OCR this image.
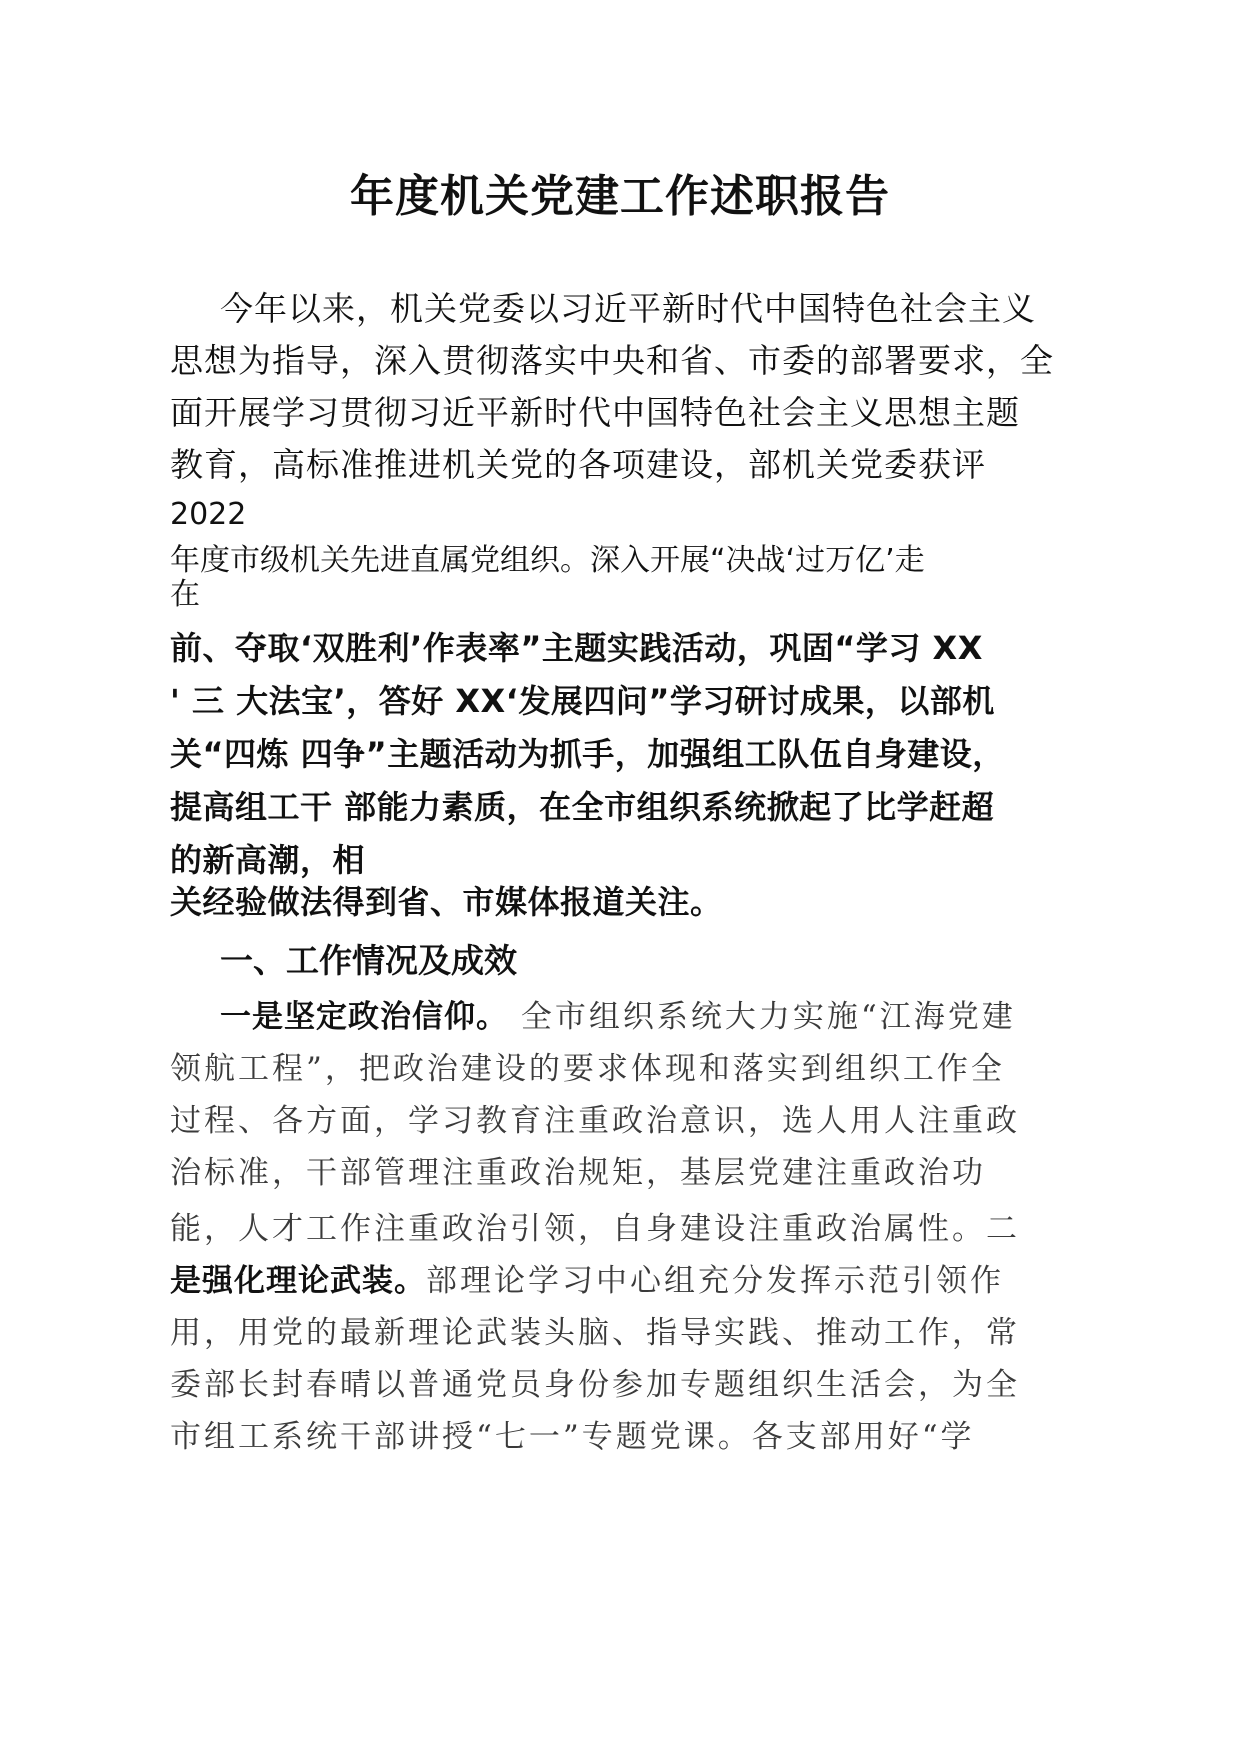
年度机关党建工作述职报告

今年以来，机关党委以习近平新时代中国特色社会主义

思想为指导，深入贯彻落实中央和省、市委的部署要求，全

面开展学习贯彻习近平新时代中国特色社会主义思想主题

教育，高标准推进机关党的各项建设，部机关党委获评

2022

年度市级机关先进直属党组织。深入开展“决战‘过万亿’走

在

前、夺取‘双胜利’作表率”主题实践活动，巩固“学习 XX

' 三 大法宝’，答好 XX‘发展四问”学习研讨成果，以部机

关“四炼 四争”主题活动为抓手，加强组工队伍自身建设，

提高组工干 部能力素质，在全市组织系统掀起了比学赶超

的新高潮，相

关经验做法得到省、市媒体报道关注。

一、工作情况及成效

一是坚定政治信仰。 全市组织系统大力实施“江海党建

领航工程”，把政治建设的要求体现和落实到组织工作全

过程、各方面，学习教育注重政治意识，选人用人注重政

治标准，干部管理注重政治规矩，基层党建注重政治功

能，人才工作注重政治引领，自身建设注重政治属性。二

是强化理论武装。部理论学习中心组充分发挥示范引领作

用，用党的最新理论武装头脑、指导实践、推动工作，常

委部长封春晴以普通党员身份参加专题组织生活会，为全

市组工系统干部讲授“七一”专题党课。各支部用好“学
